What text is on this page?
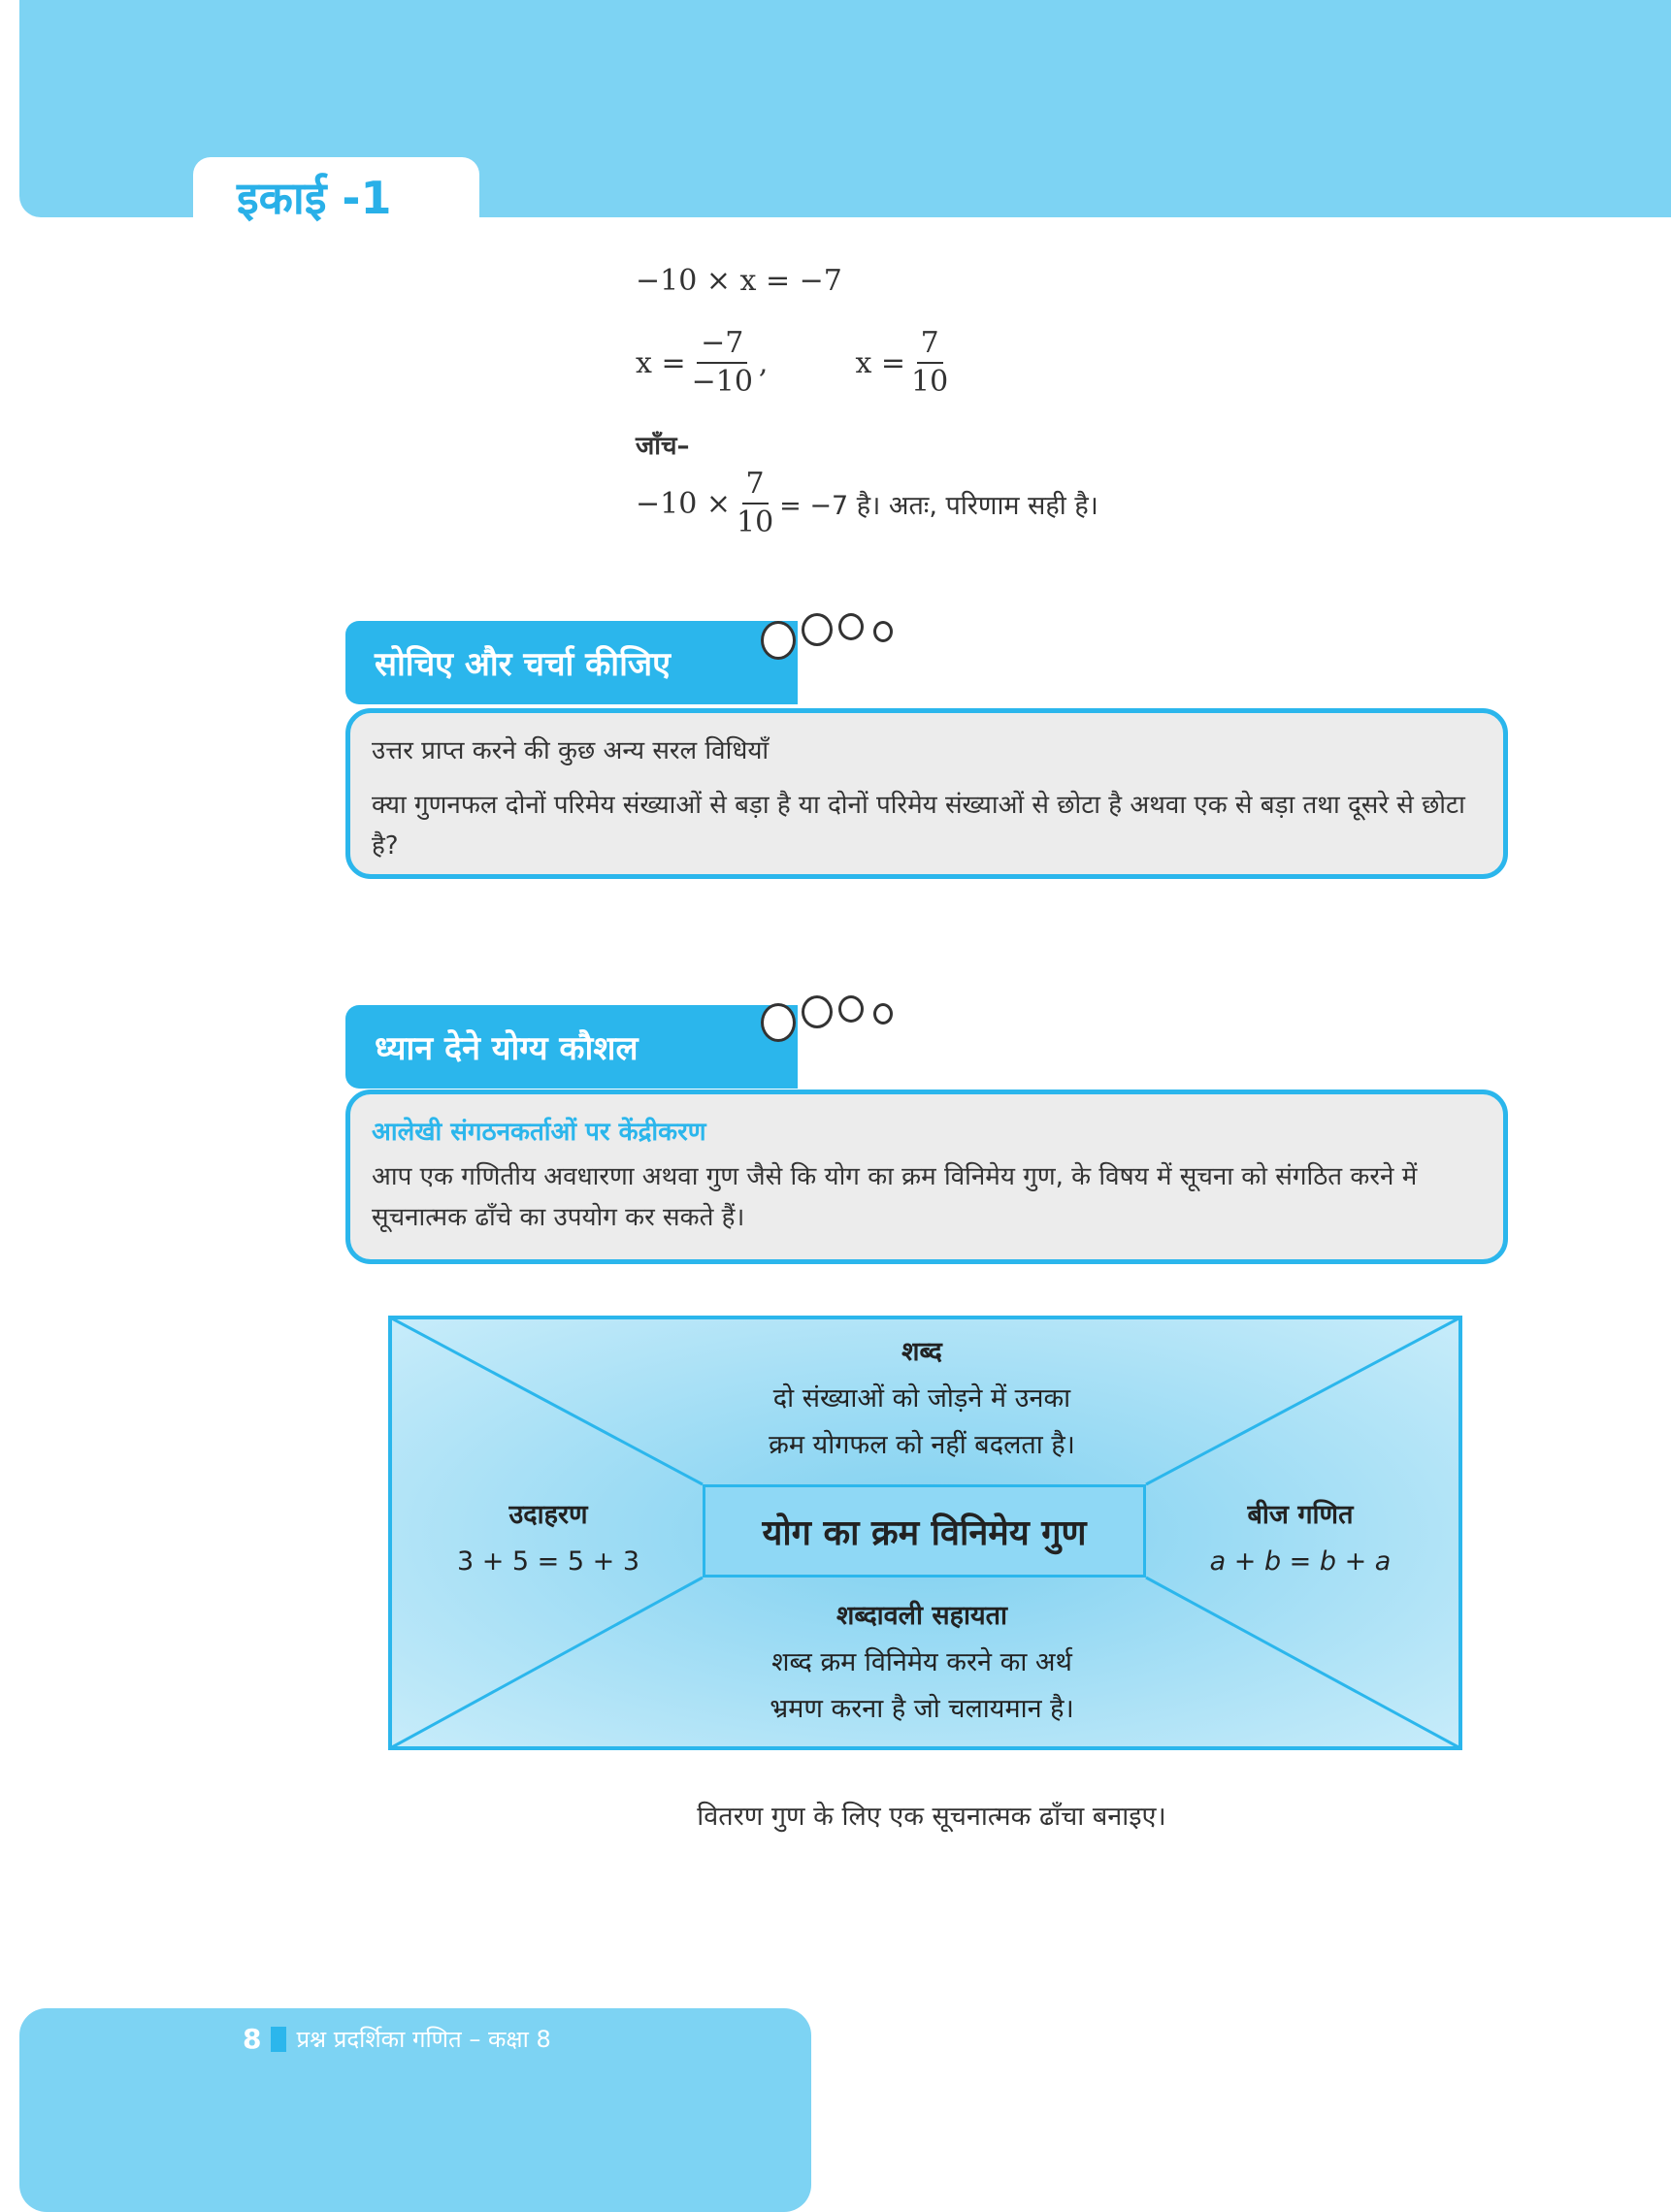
इकाई -1
−10 × x = −7
$x = \frac{-7}{-10}$ ,	$x = \frac{7}{10}$
जाँच–
$-10 \times \frac{7}{10} = -7$ है। अतः, परिणाम सही है।
सोचिए और चर्चा कीजिए
उत्तर प्राप्त करने की कुछ अन्य सरल विधियाँ
क्या गुणनफल दोनों परिमेय संख्याओं से बड़ा है या दोनों परिमेय संख्याओं से छोटा है अथवा एक से बड़ा तथा दूसरे से छोटा है?
ध्यान देने योग्य कौशल
आलेखी संगठनकर्ताओं पर केंद्रीकरण
आप एक गणितीय अवधारणा अथवा गुण जैसे कि योग का क्रम विनिमेय गुण, के विषय में सूचना को संगठित करने में सूचनात्मक ढाँचे का उपयोग कर सकते हैं।
योग का क्रम विनिमेय गुण
शब्द
दो संख्याओं को जोड़ने में उनका
क्रम योगफल को नहीं बदलता है।
उदाहरण
3 + 5 = 5 + 3
बीज गणित
a + b = b + a
शब्दावली सहायता
शब्द क्रम विनिमेय करने का अर्थ
भ्रमण करना है जो चलायमान है।
वितरण गुण के लिए एक सूचनात्मक ढाँचा बनाइए।
8 प्रश्न प्रदर्शिका गणित – कक्षा 8
